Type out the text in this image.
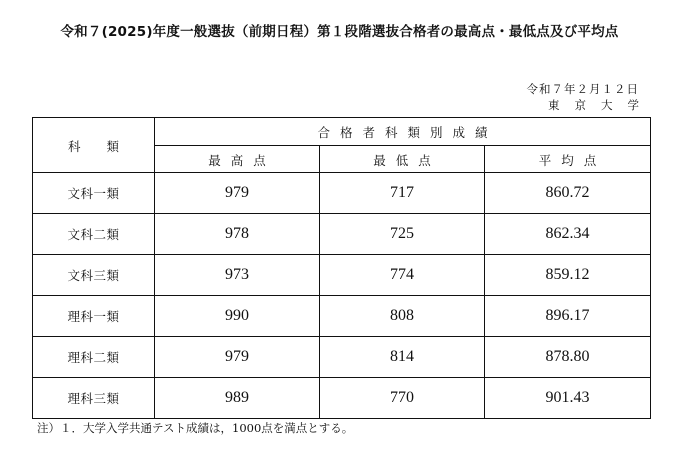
令和７(2025)年度一般選抜（前期日程）第１段階選抜合格者の最高点・最低点及び平均点
令和７年２月１２日
東京大学
科類	合格者科類別成績		
	最高点	最低点	平均点
文科一類	979	717	860.72
文科二類	978	725	862.34
文科三類	973	774	859.12
理科一類	990	808	896.17
理科二類	979	814	878.80
理科三類	989	770	901.43
注）１．大学入学共通テスト成績は，1000点を満点とする。
